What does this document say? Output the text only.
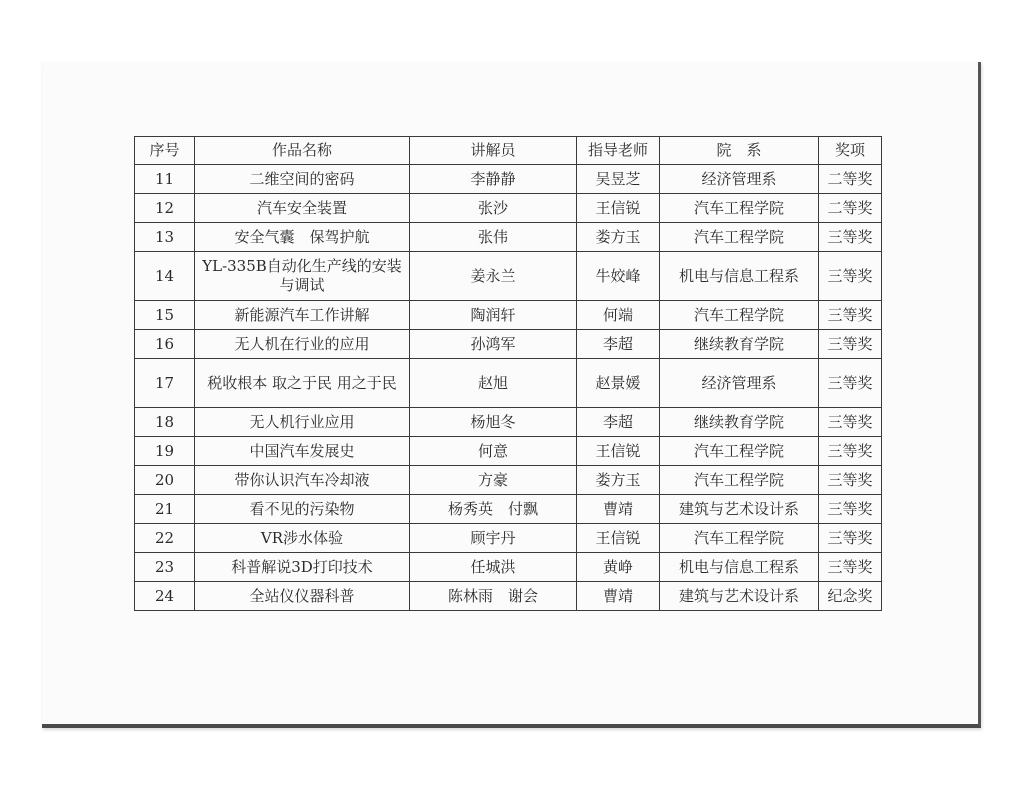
序号	作品名称	讲解员	指导老师	院　系	奖项
11	二维空间的密码	李静静	吴昱芝	经济管理系	二等奖
12	汽车安全装置	张沙	王信锐	汽车工程学院	二等奖
13	安全气囊　保驾护航	张伟	娄方玉	汽车工程学院	三等奖
14	YL-335B自动化生产线的安装与调试	姜永兰	牛姣峰	机电与信息工程系	三等奖
15	新能源汽车工作讲解	陶润轩	何端	汽车工程学院	三等奖
16	无人机在行业的应用	孙鸿军	李超	继续教育学院	三等奖
17	税收根本 取之于民 用之于民	赵旭	赵景媛	经济管理系	三等奖
18	无人机行业应用	杨旭冬	李超	继续教育学院	三等奖
19	中国汽车发展史	何意	王信锐	汽车工程学院	三等奖
20	带你认识汽车冷却液	方豪	娄方玉	汽车工程学院	三等奖
21	看不见的污染物	杨秀英　付飘	曹靖	建筑与艺术设计系	三等奖
22	VR涉水体验	顾宇丹	王信锐	汽车工程学院	三等奖
23	科普解说3D打印技术	任城洪	黄峥	机电与信息工程系	三等奖
24	全站仪仪器科普	陈林雨　谢会	曹靖	建筑与艺术设计系	纪念奖
